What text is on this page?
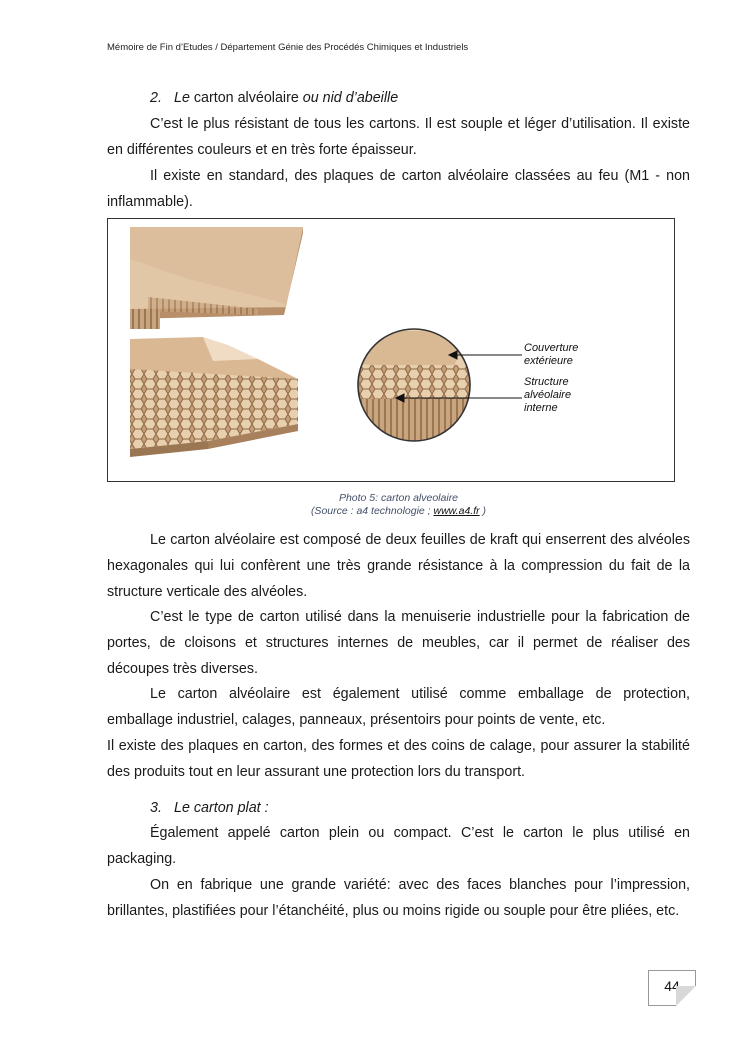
Mémoire de Fin d’Etudes / Département Génie des Procédés Chimiques et Industriels

2. Le carton alvéolaire ou nid d’abeille

C’est le plus résistant de tous les cartons. Il est souple et léger d’utilisation. Il existe en différentes couleurs et en très forte épaisseur.

Il existe en standard, des plaques de carton alvéolaire classées au feu (M1 - non inflammable).

Couverture
extérieure
Structure
alvéolaire
interne
Photo 5: carton alveolaire
(Source : a4 technologie ; www.a4.fr )

Le carton alvéolaire est composé de deux feuilles de kraft qui enserrent des alvéoles hexagonales qui lui confèrent une très grande résistance à la compression du fait de la structure verticale des alvéoles.

C’est le type de carton utilisé dans la menuiserie industrielle pour la fabrication de portes, de cloisons et structures internes de meubles, car il permet de réaliser des découpes très diverses.

Le carton alvéolaire est également utilisé comme emballage de protection, emballage industriel, calages, panneaux, présentoirs pour points de vente, etc.

Il existe des plaques en carton, des formes et des coins de calage, pour assurer la stabilité des produits tout en leur assurant une protection lors du transport.

3. Le carton plat :

Également appelé carton plein ou compact. C’est le carton le plus utilisé en packaging.

On en fabrique une grande variété: avec des faces blanches pour l’impression, brillantes, plastifiées pour l’étanchéité, plus ou moins rigide ou souple pour être pliées, etc.

44
